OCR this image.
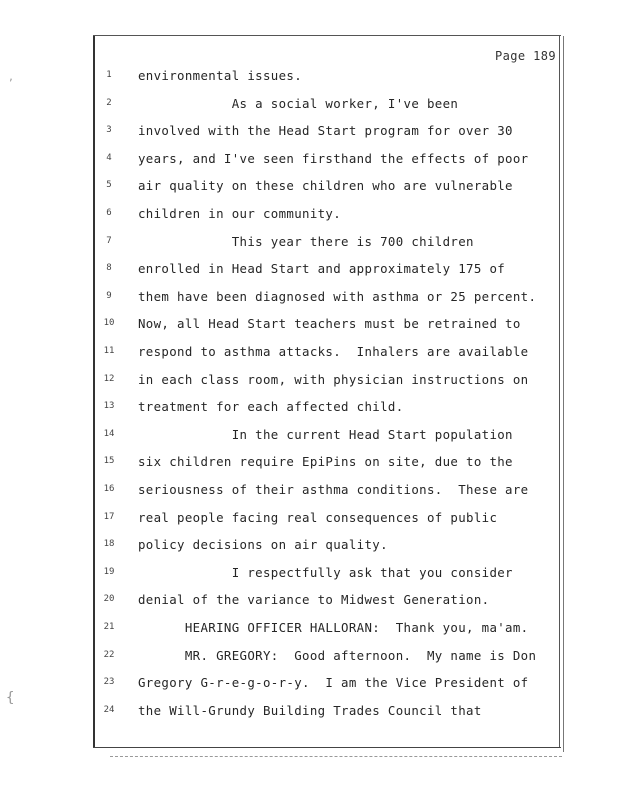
,
{
Page 189
1	environmental issues.
2	As a social worker, I've been
3	involved with the Head Start program for over 30
4	years, and I've seen firsthand the effects of poor
5	air quality on these children who are vulnerable
6	children in our community.
7	This year there is 700 children
8	enrolled in Head Start and approximately 175 of
9	them have been diagnosed with asthma or 25 percent.
10 Now, all Head Start teachers must be retrained to
11 respond to asthma attacks.  Inhalers are available
12 in each class room, with physician instructions on
13 treatment for each affected child.
14 In the current Head Start population
15 six children require EpiPins on site, due to the
16 seriousness of their asthma conditions.  These are
17 real people facing real consequences of public
18 policy decisions on air quality.
19 I respectfully ask that you consider
20 denial of the variance to Midwest Generation.
21 HEARING OFFICER HALLORAN:  Thank you, ma'am.
22 MR. GREGORY:  Good afternoon.  My name is Don
23 Gregory G-r-e-g-o-r-y.  I am the Vice President of
24 the Will-Grundy Building Trades Council that
